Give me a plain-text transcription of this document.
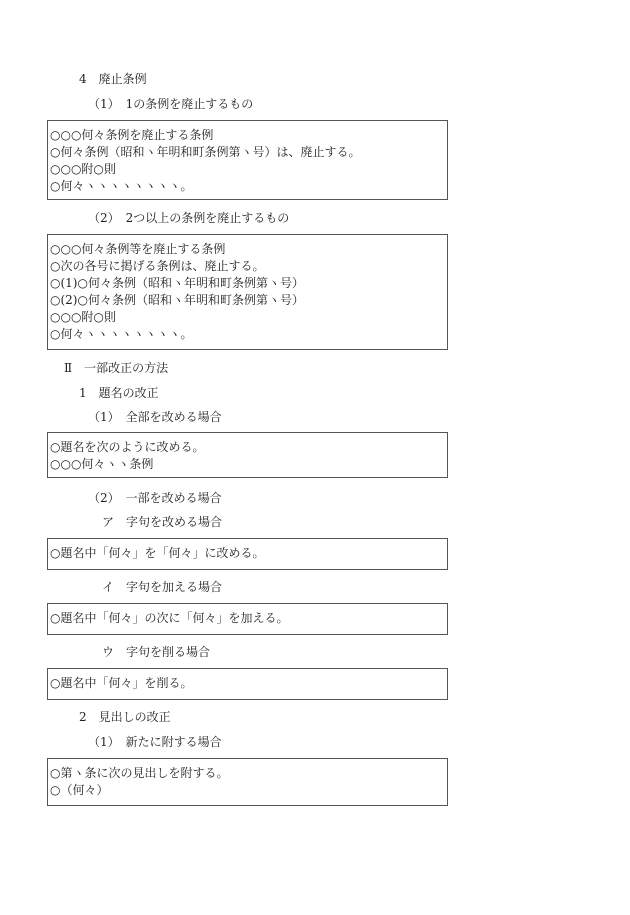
4　廃止条例
（1）　1の条例を廃止するもの
○○○何々条例を廃止する条例
○何々条例（昭和ヽ年明和町条例第ヽ号）は、廃止する。
○○○附○則
○何々ヽヽヽヽヽヽヽヽ。
（2）　2つ以上の条例を廃止するもの
○○○何々条例等を廃止する条例
○次の各号に掲げる条例は、廃止する。
○(1)○何々条例（昭和ヽ年明和町条例第ヽ号）
○(2)○何々条例（昭和ヽ年明和町条例第ヽ号）
○○○附○則
○何々ヽヽヽヽヽヽヽヽ。
Ⅱ　一部改正の方法
1　題名の改正
（1）　全部を改める場合
○題名を次のように改める。
○○○何々ヽヽ条例
（2）　一部を改める場合
ア　字句を改める場合
○題名中「何々」を「何々」に改める。
イ　字句を加える場合
○題名中「何々」の次に「何々」を加える。
ウ　字句を削る場合
○題名中「何々」を削る。
2　見出しの改正
（1）　新たに附する場合
○第ヽ条に次の見出しを附する。
○（何々）
